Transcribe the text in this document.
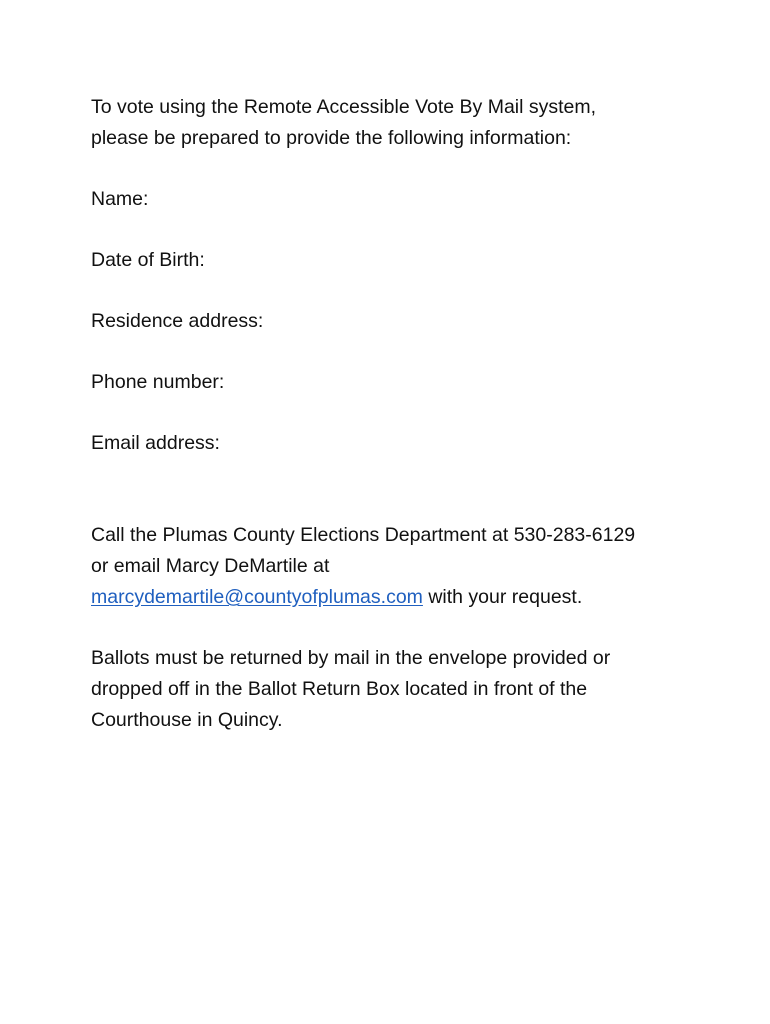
To vote using the Remote Accessible Vote By Mail system,
please be prepared to provide the following information:

Name:

Date of Birth:

Residence address:

Phone number:

Email address:

Call the Plumas County Elections Department at 530-283-6129
or email Marcy DeMartile at
marcydemartile@countyofplumas.com with your request.

Ballots must be returned by mail in the envelope provided or
dropped off in the Ballot Return Box located in front of the
Courthouse in Quincy.
